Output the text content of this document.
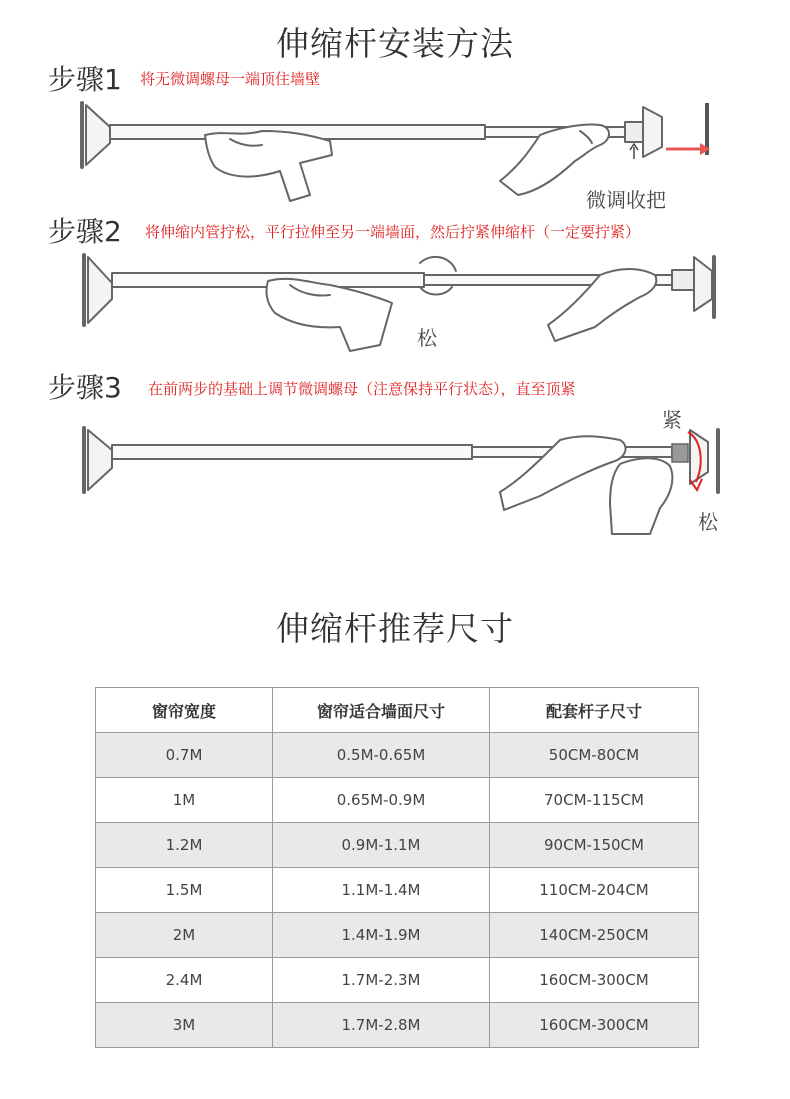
伸缩杆安装方法
步骤1 将无微调螺母一端顶住墙壁
微调收把
步骤2 将伸缩内管拧松，平行拉伸至另一端墙面，然后拧紧伸缩杆（一定要拧紧）
松
步骤3 在前两步的基础上调节微调螺母（注意保持平行状态），直至顶紧
紧
松
伸缩杆推荐尺寸
窗帘宽度	窗帘适合墙面尺寸	配套杆子尺寸
0.7M	0.5M-0.65M	50CM-80CM
1M	0.65M-0.9M	70CM-115CM
1.2M	0.9M-1.1M	90CM-150CM
1.5M	1.1M-1.4M	110CM-204CM
2M	1.4M-1.9M	140CM-250CM
2.4M	1.7M-2.3M	160CM-300CM
3M	1.7M-2.8M	160CM-300CM
